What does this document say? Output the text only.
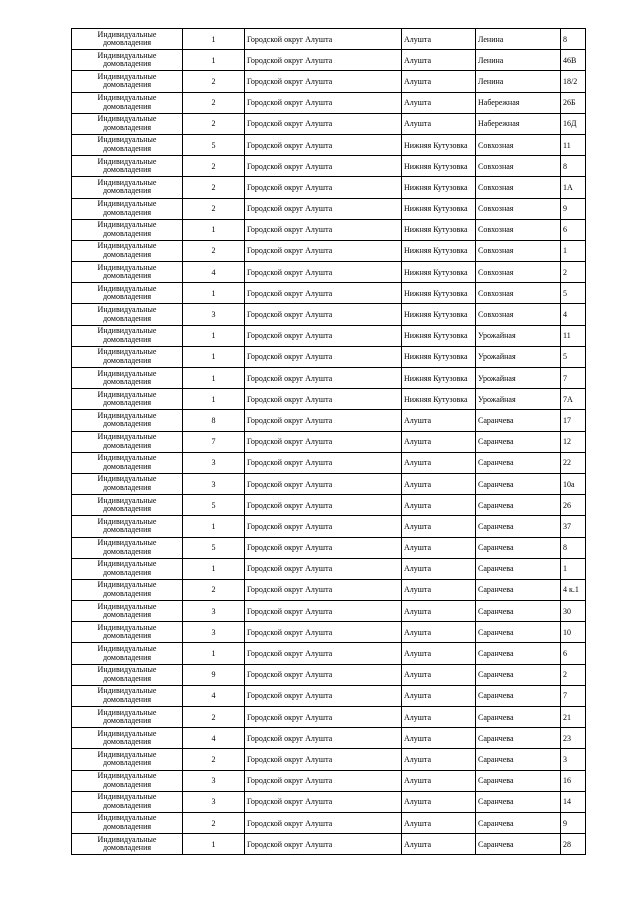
Индивидуальные домовладения	1	Городской округ Алушта	Алушта	Ленина	8
Индивидуальные домовладения	1	Городской округ Алушта	Алушта	Ленина	46В
Индивидуальные домовладения	2	Городской округ Алушта	Алушта	Ленина	18/2
Индивидуальные домовладения	2	Городской округ Алушта	Алушта	Набережная	26Б
Индивидуальные домовладения	2	Городской округ Алушта	Алушта	Набережная	16Д
Индивидуальные домовладения	5	Городской округ Алушта	Нижняя Кутузовка	Совхозная	11
Индивидуальные домовладения	2	Городской округ Алушта	Нижняя Кутузовка	Совхозная	8
Индивидуальные домовладения	2	Городской округ Алушта	Нижняя Кутузовка	Совхозная	1А
Индивидуальные домовладения	2	Городской округ Алушта	Нижняя Кутузовка	Совхозная	9
Индивидуальные домовладения	1	Городской округ Алушта	Нижняя Кутузовка	Совхозная	6
Индивидуальные домовладения	2	Городской округ Алушта	Нижняя Кутузовка	Совхозная	1
Индивидуальные домовладения	4	Городской округ Алушта	Нижняя Кутузовка	Совхозная	2
Индивидуальные домовладения	1	Городской округ Алушта	Нижняя Кутузовка	Совхозная	5
Индивидуальные домовладения	3	Городской округ Алушта	Нижняя Кутузовка	Совхозная	4
Индивидуальные домовладения	1	Городской округ Алушта	Нижняя Кутузовка	Урожайная	11
Индивидуальные домовладения	1	Городской округ Алушта	Нижняя Кутузовка	Урожайная	5
Индивидуальные домовладения	1	Городской округ Алушта	Нижняя Кутузовка	Урожайная	7
Индивидуальные домовладения	1	Городской округ Алушта	Нижняя Кутузовка	Урожайная	7А
Индивидуальные домовладения	8	Городской округ Алушта	Алушта	Саранчева	17
Индивидуальные домовладения	7	Городской округ Алушта	Алушта	Саранчева	12
Индивидуальные домовладения	3	Городской округ Алушта	Алушта	Саранчева	22
Индивидуальные домовладения	3	Городской округ Алушта	Алушта	Саранчева	10а
Индивидуальные домовладения	5	Городской округ Алушта	Алушта	Саранчева	26
Индивидуальные домовладения	1	Городской округ Алушта	Алушта	Саранчева	37
Индивидуальные домовладения	5	Городской округ Алушта	Алушта	Саранчева	8
Индивидуальные домовладения	1	Городской округ Алушта	Алушта	Саранчева	1
Индивидуальные домовладения	2	Городской округ Алушта	Алушта	Саранчева	4 к.1
Индивидуальные домовладения	3	Городской округ Алушта	Алушта	Саранчева	30
Индивидуальные домовладения	3	Городской округ Алушта	Алушта	Саранчева	10
Индивидуальные домовладения	1	Городской округ Алушта	Алушта	Саранчева	6
Индивидуальные домовладения	9	Городской округ Алушта	Алушта	Саранчева	2
Индивидуальные домовладения	4	Городской округ Алушта	Алушта	Саранчева	7
Индивидуальные домовладения	2	Городской округ Алушта	Алушта	Саранчева	21
Индивидуальные домовладения	4	Городской округ Алушта	Алушта	Саранчева	23
Индивидуальные домовладения	2	Городской округ Алушта	Алушта	Саранчева	3
Индивидуальные домовладения	3	Городской округ Алушта	Алушта	Саранчева	16
Индивидуальные домовладения	3	Городской округ Алушта	Алушта	Саранчева	14
Индивидуальные домовладения	2	Городской округ Алушта	Алушта	Саранчева	9
Индивидуальные домовладения	1	Городской округ Алушта	Алушта	Саранчева	28
